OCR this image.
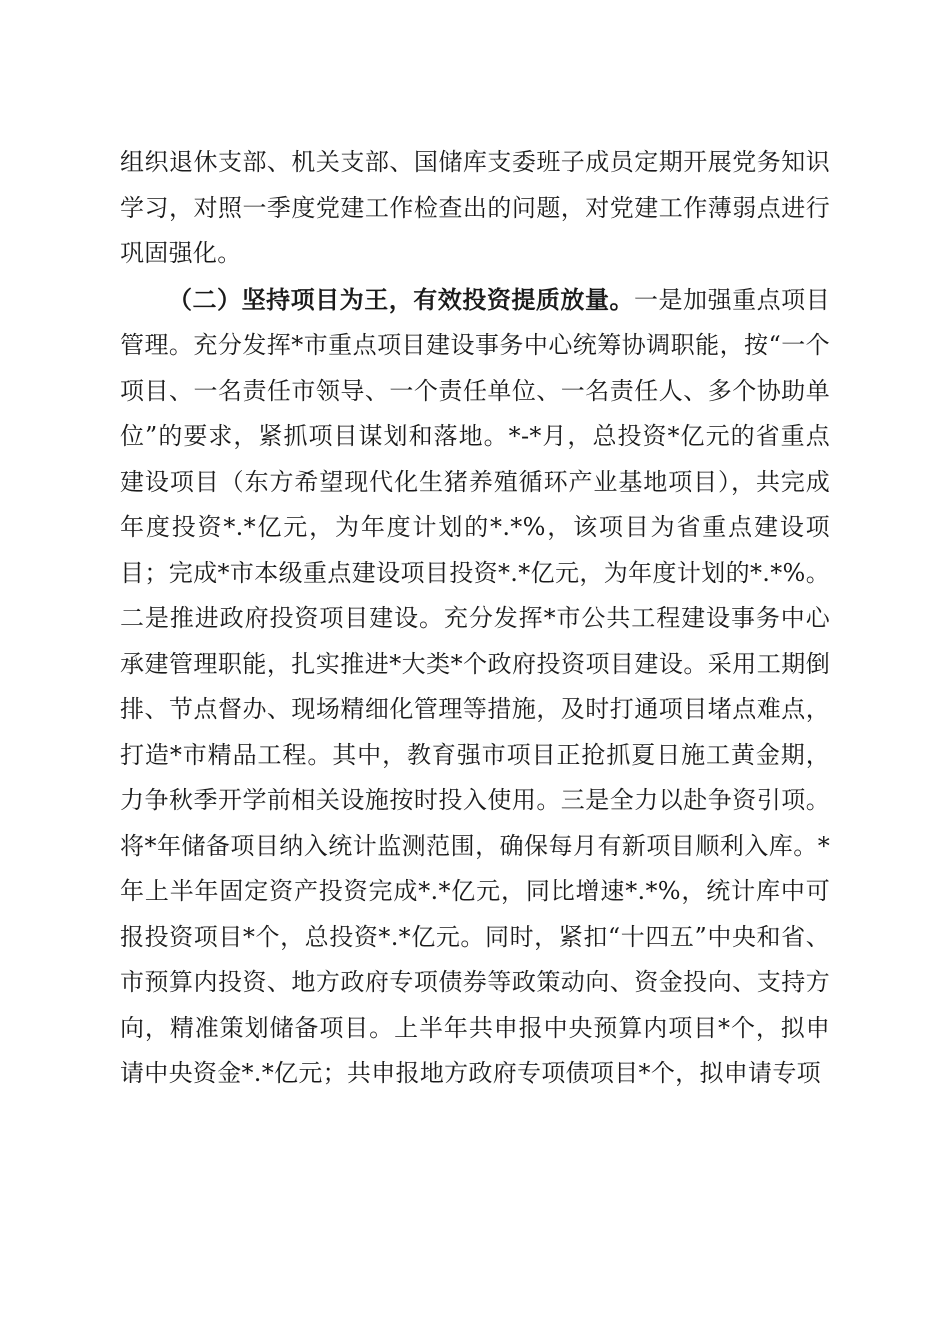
组织退休支部、机关支部、国储库支委班子成员定期开展党务知识学习，对照一季度党建工作检查出的问题，对党建工作薄弱点进行巩固强化。

（二）坚持项目为王，有效投资提质放量。一是加强重点项目管理。充分发挥*市重点项目建设事务中心统筹协调职能，按“一个项目、一名责任市领导、一个责任单位、一名责任人、多个协助单位”的要求，紧抓项目谋划和落地。*-*月，总投资*亿元的省重点建设项目（东方希望现代化生猪养殖循环产业基地项目），共完成年度投资*.*亿元，为年度计划的*.*%，该项目为省重点建设项目；完成*市本级重点建设项目投资*.*亿元，为年度计划的*.*%。二是推进政府投资项目建设。充分发挥*市公共工程建设事务中心承建管理职能，扎实推进*大类*个政府投资项目建设。采用工期倒排、节点督办、现场精细化管理等措施，及时打通项目堵点难点，打造*市精品工程。其中，教育强市项目正抢抓夏日施工黄金期，力争秋季开学前相关设施按时投入使用。三是全力以赴争资引项。将*年储备项目纳入统计监测范围，确保每月有新项目顺利入库。*年上半年固定资产投资完成*.*亿元，同比增速*.*%，统计库中可报投资项目*个，总投资*.*亿元。同时，紧扣“十四五”中央和省、市预算内投资、地方政府专项债券等政策动向、资金投向、支持方向，精准策划储备项目。上半年共申报中央预算内项目*个，拟申请中央资金*.*亿元；共申报地方政府专项债项目*个，拟申请专项
